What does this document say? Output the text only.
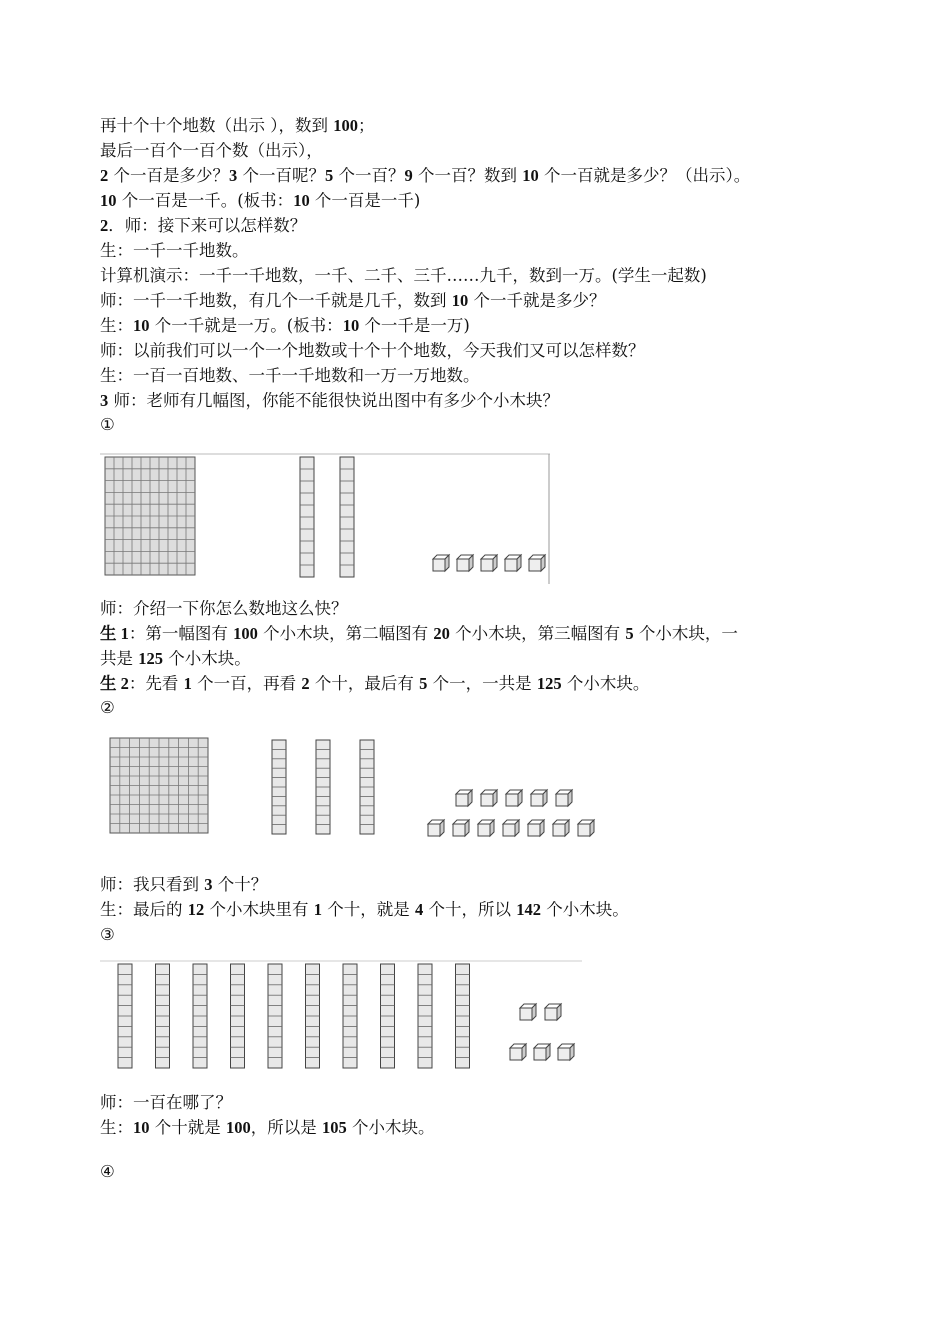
再十个十个地数（出示 ），数到 100；
最后一百个一百个数（出示），
2 个一百是多少？3 个一百呢？5 个一百？9 个一百？数到 10 个一百就是多少？（出示）。
10 个一百是一千。(板书：10 个一百是一千)
2．师：接下来可以怎样数？
生：一千一千地数。
计算机演示：一千一千地数，一千、二千、三千……九千，数到一万。(学生一起数)
师：一千一千地数，有几个一千就是几千，数到 10 个一千就是多少？
生：10 个一千就是一万。(板书：10 个一千是一万)
师：以前我们可以一个一个地数或十个十个地数，今天我们又可以怎样数？
生：一百一百地数、一千一千地数和一万一万地数。
3 师：老师有几幅图，你能不能很快说出图中有多少个小木块？
①
师：介绍一下你怎么数地这么快？
生 1：第一幅图有 100 个小木块，第二幅图有 20 个小木块，第三幅图有 5 个小木块，一
共是 125 个小木块。
生 2：先看 1 个一百，再看 2 个十，最后有 5 个一，一共是 125 个小木块。
②
师：我只看到 3 个十？
生：最后的 12 个小木块里有 1 个十，就是 4 个十，所以 142 个小木块。
③
师：一百在哪了？
生：10 个十就是 100，所以是 105 个小木块。
④
